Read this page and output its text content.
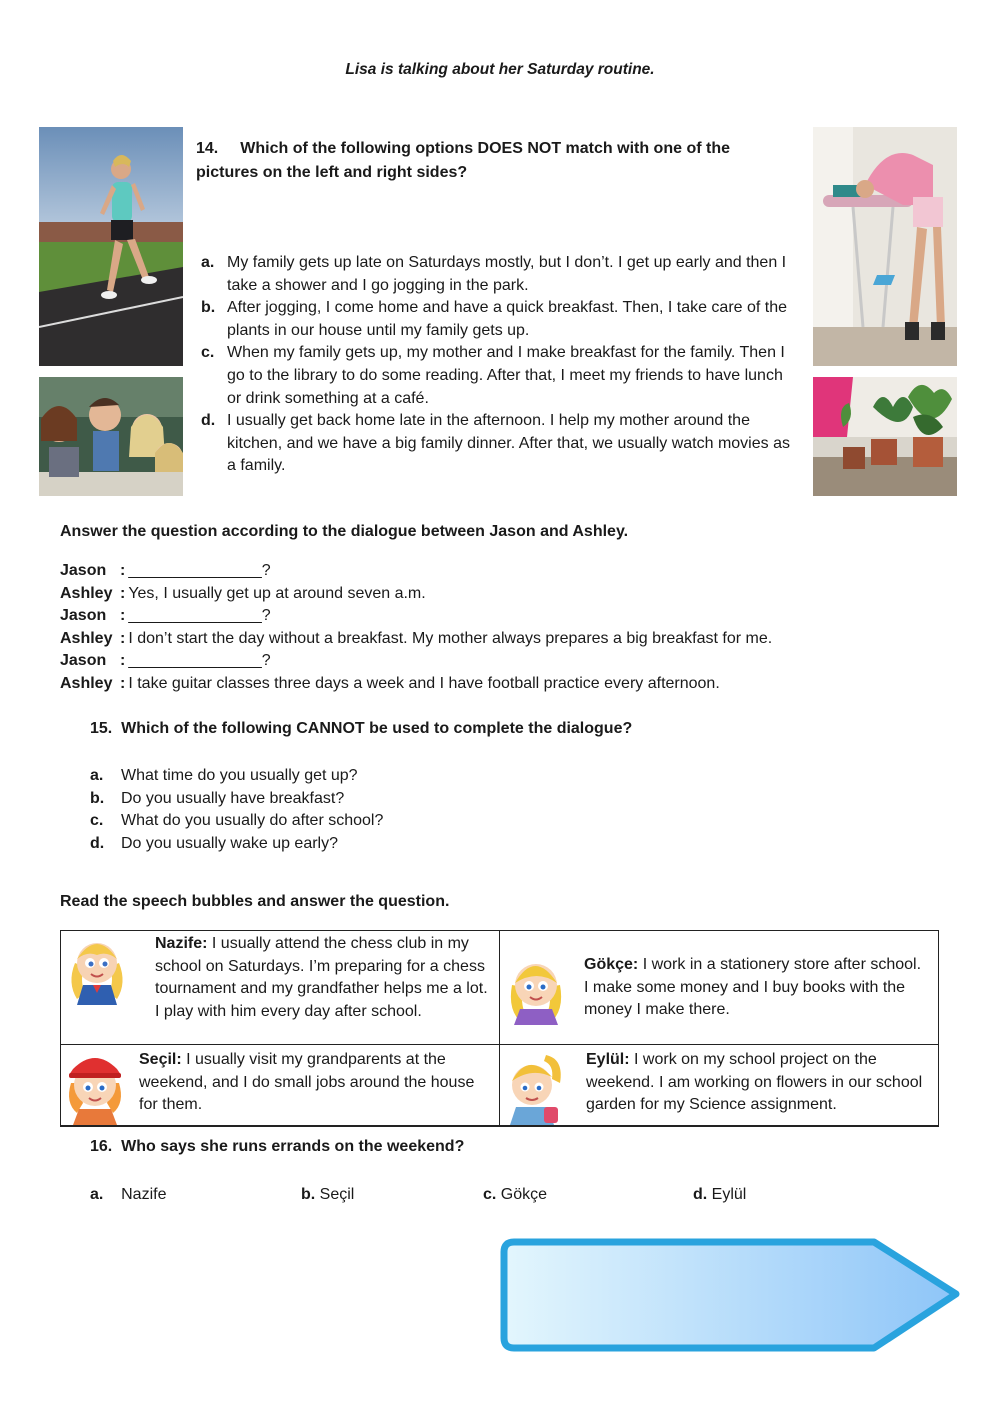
Lisa is talking about her Saturday routine.
14. Which of the following options DOES NOT match with one of the pictures on the left and right sides?
a. My family gets up late on Saturdays mostly, but I don’t. I get up early and then I take a shower and I go jogging in the park.
b. After jogging, I come home and have a quick breakfast. Then, I take care of the plants in our house until my family gets up.
c. When my family gets up, my mother and I make breakfast for the family. Then I go to the library to do some reading. After that, I meet my friends to have lunch or drink something at a café.
d. I usually get back home late in the afternoon. I help my mother around the kitchen, and we have a big family dinner. After that, we usually watch movies as a family.
Answer the question according to the dialogue between Jason and Ashley.
Jason : _______________?
Ashley : Yes, I usually get up at around seven a.m.
Jason : _______________?
Ashley : I don’t start the day without a breakfast. My mother always prepares a big breakfast for me.
Jason : _______________?
Ashley : I take guitar classes three days a week and I have football practice every afternoon.
15. Which of the following CANNOT be used to complete the dialogue?
a. What time do you usually get up?
b. Do you usually have breakfast?
c. What do you usually do after school?
d. Do you usually wake up early?
Read the speech bubbles and answer the question.
Nazife: I usually attend the chess club in my school on Saturdays. I’m preparing for a chess tournament and my grandfather helps me a lot. I play with him every day after school.
Gökçe: I work in a stationery store after school. I make some money and I buy books with the money I make there.
Seçil: I usually visit my grandparents at the weekend, and I do small jobs around the house for them.
Eylül: I work on my school project on the weekend. I am working on flowers in our school garden for my Science assignment.
16. Who says she runs errands on the weekend?
a. Nazife	b. Seçil	c. Gökçe	d. Eylül
